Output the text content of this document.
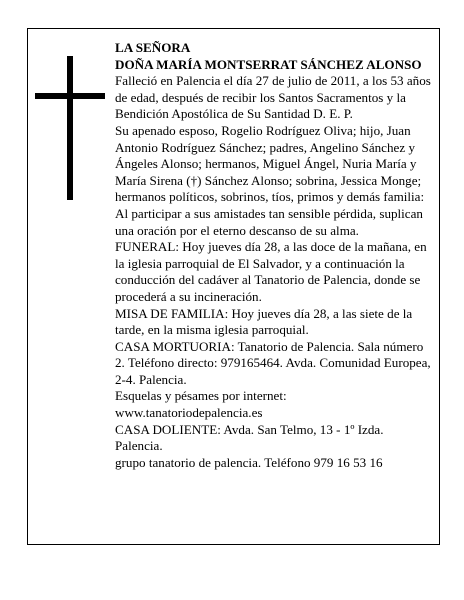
LA SEÑORA

DOÑA MARÍA MONTSERRAT SÁNCHEZ ALONSO

Falleció en Palencia el día 27 de julio de 2011, a los 53 años de edad, después de recibir los Santos Sacramentos y la Bendición Apostólica de Su Santidad D. E. P.

Su apenado esposo, Rogelio Rodríguez Oliva; hijo, Juan Antonio Rodríguez Sánchez; padres, Angelino Sánchez y Ángeles Alonso; hermanos, Miguel Ángel, Nuria María y María Sirena (†) Sánchez Alonso; sobrina, Jessica Monge; hermanos políticos, sobrinos, tíos, primos y demás familia:

Al participar a sus amistades tan sensible pérdida, suplican una oración por el eterno descanso de su alma.

FUNERAL: Hoy jueves día 28, a las doce de la mañana, en la iglesia parroquial de El Salvador, y a continuación la conducción del cadáver al Tanatorio de Palencia, donde se procederá a su incineración.

MISA DE FAMILIA: Hoy jueves día 28, a las siete de la tarde, en la misma iglesia parroquial.

CASA MORTUORIA: Tanatorio de Palencia. Sala número 2. Teléfono directo: 979165464. Avda. Comunidad Europea, 2-4. Palencia.

Esquelas y pésames por internet: www.tanatoriodepalencia.es

CASA DOLIENTE: Avda. San Telmo, 13 - 1º Izda. Palencia.

grupo tanatorio de palencia. Teléfono 979 16 53 16
